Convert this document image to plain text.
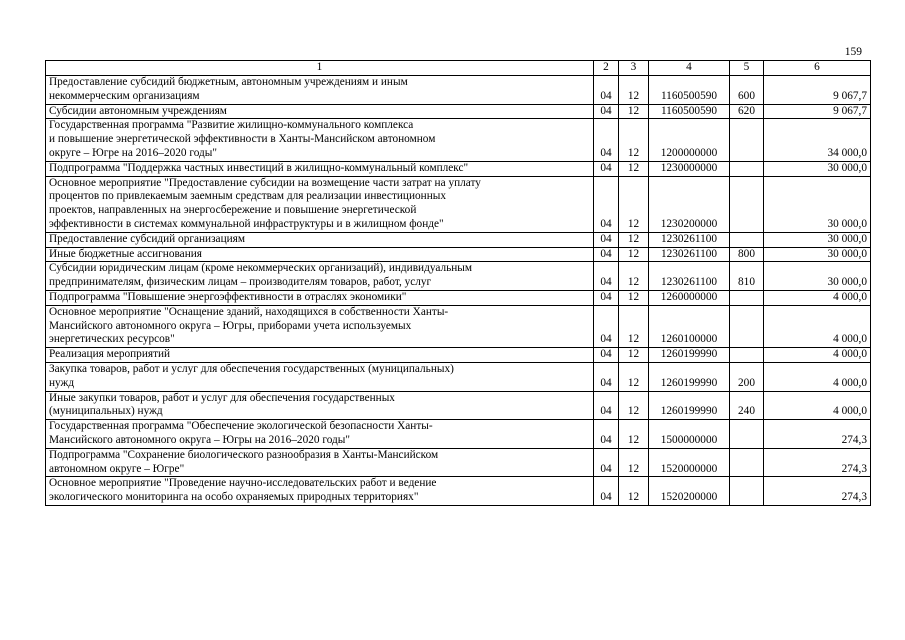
159
1	2	3	4	5	6
Предоставление субсидий бюджетным, автономным учреждениям и иным
некоммерческим организациям	04	12	1160500590	600	9 067,7
Субсидии автономным учреждениям	04	12	1160500590	620	9 067,7
Государственная программа "Развитие жилищно-коммунального комплекса
и повышение энергетической эффективности в Ханты-Мансийском автономном
округе – Югре на 2016–2020 годы"	04	12	1200000000		34 000,0
Подпрограмма "Поддержка частных инвестиций в жилищно-коммунальный комплекс"	04	12	1230000000		30 000,0
Основное мероприятие "Предоставление субсидии на возмещение части затрат на уплату
процентов по привлекаемым заемным средствам для реализации инвестиционных
проектов, направленных на энергосбережение и повышение энергетической
эффективности в системах коммунальной инфраструктуры и в жилищном фонде"	04	12	1230200000		30 000,0
Предоставление субсидий организациям	04	12	1230261100		30 000,0
Иные бюджетные ассигнования	04	12	1230261100	800	30 000,0
Субсидии юридическим лицам (кроме некоммерческих организаций), индивидуальным
предпринимателям, физическим лицам – производителям товаров, работ, услуг	04	12	1230261100	810	30 000,0
Подпрограмма "Повышение энергоэффективности в отраслях экономики"	04	12	1260000000		4 000,0
Основное мероприятие "Оснащение зданий, находящихся в собственности Ханты-
Мансийского автономного округа – Югры, приборами учета используемых
энергетических ресурсов"	04	12	1260100000		4 000,0
Реализация мероприятий	04	12	1260199990		4 000,0
Закупка товаров, работ и услуг для обеспечения государственных (муниципальных)
нужд	04	12	1260199990	200	4 000,0
Иные закупки товаров, работ и услуг для обеспечения государственных
(муниципальных) нужд	04	12	1260199990	240	4 000,0
Государственная программа "Обеспечение экологической безопасности Ханты-
Мансийского автономного округа – Югры на 2016–2020 годы"	04	12	1500000000		274,3
Подпрограмма "Сохранение биологического разнообразия в Ханты-Мансийском
автономном округе – Югре"	04	12	1520000000		274,3
Основное мероприятие "Проведение научно-исследовательских работ и ведение
экологического мониторинга на особо охраняемых природных территориях"	04	12	1520200000		274,3
